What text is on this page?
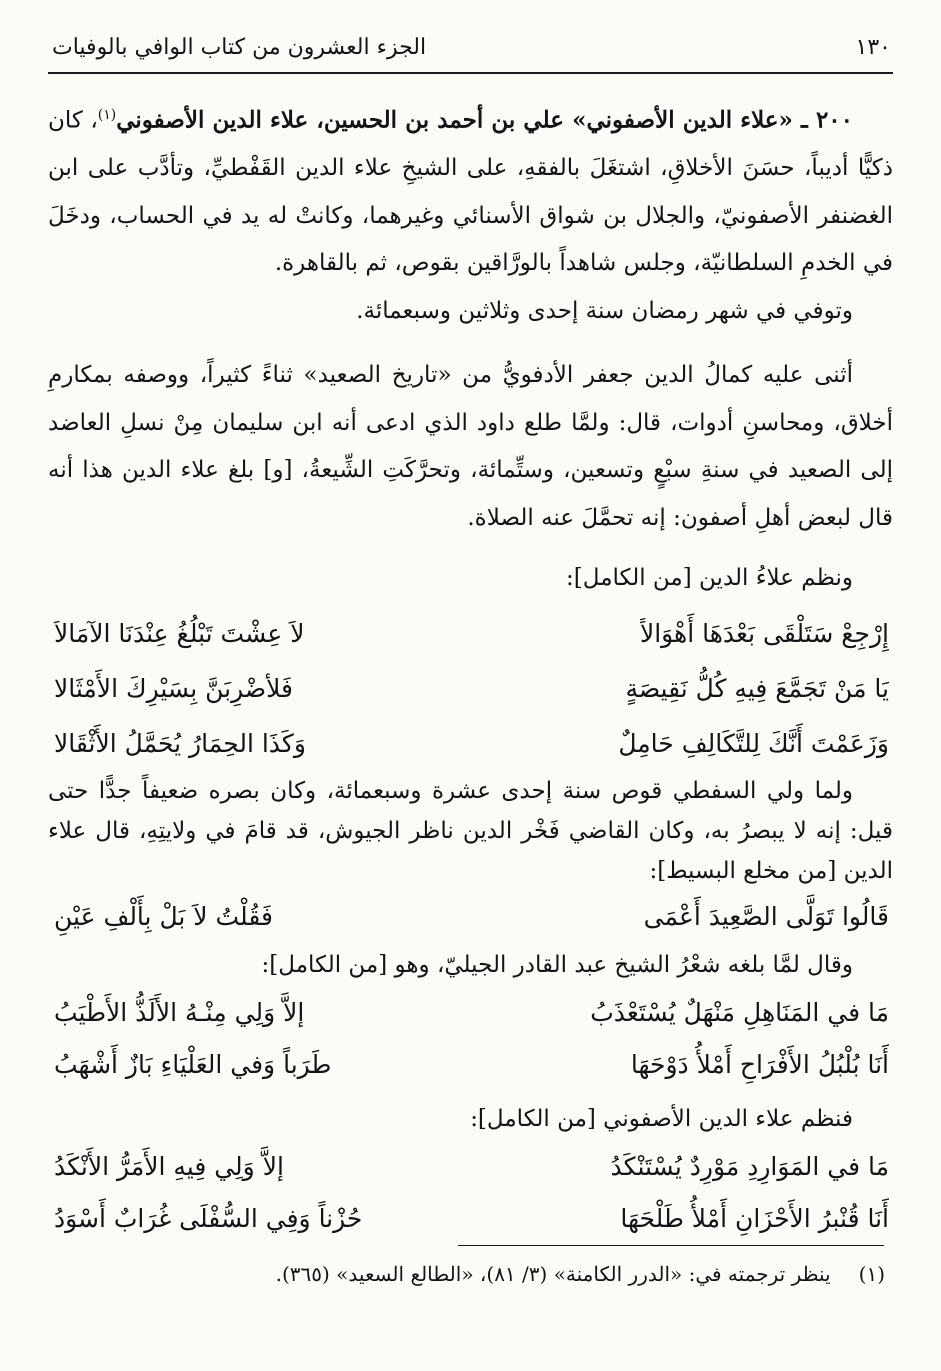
١٣٠
الجزء العشرون من كتاب الوافي بالوفيات

٢٠٠ ـ «علاء الدين الأصفوني» علي بن أحمد بن الحسين، علاء الدين الأصفوني$^{(١)}$، كان ذكيًّا أديباً، حسَنَ الأخلاقِ، اشتغَلَ بالفقهِ، على الشيخِ علاء الدين القَفْطيِّ، وتأدَّب على ابن الغضنفر الأصفونيّ، والجلال بن شواق الأسنائي وغيرهما، وكانتْ له يد في الحساب، ودخَلَ في الخدمِ السلطانيّة، وجلس شاهداً بالورَّاقين بقوص، ثم بالقاهرة.

وتوفي في شهر رمضان سنة إحدى وثلاثين وسبعمائة.

أثنى عليه كمالُ الدين جعفر الأدفويُّ من «تاريخ الصعيد» ثناءً كثيراً، ووصفه بمكارمِ أخلاق، ومحاسنِ أدوات، قال: ولمَّا طلع داود الذي ادعى أنه ابن سليمان مِنْ نسلِ العاضد إلى الصعيد في سنةِ سبْعٍ وتسعين، وستِّمائة، وتحرَّكَتِ الشِّيعةُ، [و] بلغ علاء الدين هذا أنه قال لبعض أهلِ أصفون: إنه تحمَّلَ عنه الصلاة.

ونظم علاءُ الدين [من الكامل]:
إِرْجِعْ سَتَلْقَى بَعْدَهَا أَهْوَالاً
لاَ عِشْتَ تَبْلُغُ عِنْدَنَا الآمَالاَ
يَا مَنْ تَجَمَّعَ فِيهِ كُلُّ نَقِيصَةٍ
فَلأضْرِبَنَّ بِسَيْرِكَ الأَمْثَالا
وَزَعَمْتَ أَنَّكَ لِلتَّكَالِفِ حَامِلٌ
وَكَذَا الحِمَارُ يُحَمَّلُ الأَثْقَالا

ولما ولي السفطي قوص سنة إحدى عشرة وسبعمائة، وكان بصره ضعيفاً جدًّا حتى قيل: إنه لا يبصرُ به، وكان القاضي فَخْر الدين ناظر الجيوش، قد قامَ في ولايتِهِ، قال علاء الدين [من مخلع البسيط]:

قَالُوا تَوَلَّى الصَّعِيدَ أَعْمَى
فَقُلْتُ لاَ بَلْ بِأَلْفِ عَيْنِ
وقال لمَّا بلغه شعْرُ الشيخ عبد القادر الجيليّ، وهو [من الكامل]:
مَا في المَنَاهِلِ مَنْهَلٌ يُسْتَعْذَبُ
إلاَّ وَلِي مِنْـهُ الأَلَذُّ الأَطْيَبُ
أَنَا بُلْبُلُ الأَفْرَاحِ أَمْلأُ دَوْحَهَا
طَرَباً وَفي العَلْيَاءِ بَازٌ أَشْهَبُ
فنظم علاء الدين الأصفوني [من الكامل]:
مَا في المَوَارِدِ مَوْرِدٌ يُسْتَنْكَدُ
إلاَّ وَلِي فِيهِ الأَمَرُّ الأَنْكَدُ
أَنَا قُنْبرُ الأَحْزَانِ أَمْلأُ طَلْحَهَا
حُزْناً وَفِي السُّفْلَى غُرَابٌ أَسْوَدُ
(١)
ينظر ترجمته في: «الدرر الكامنة» (٣/ ٨١)، «الطالع السعيد» (٣٦٥).
